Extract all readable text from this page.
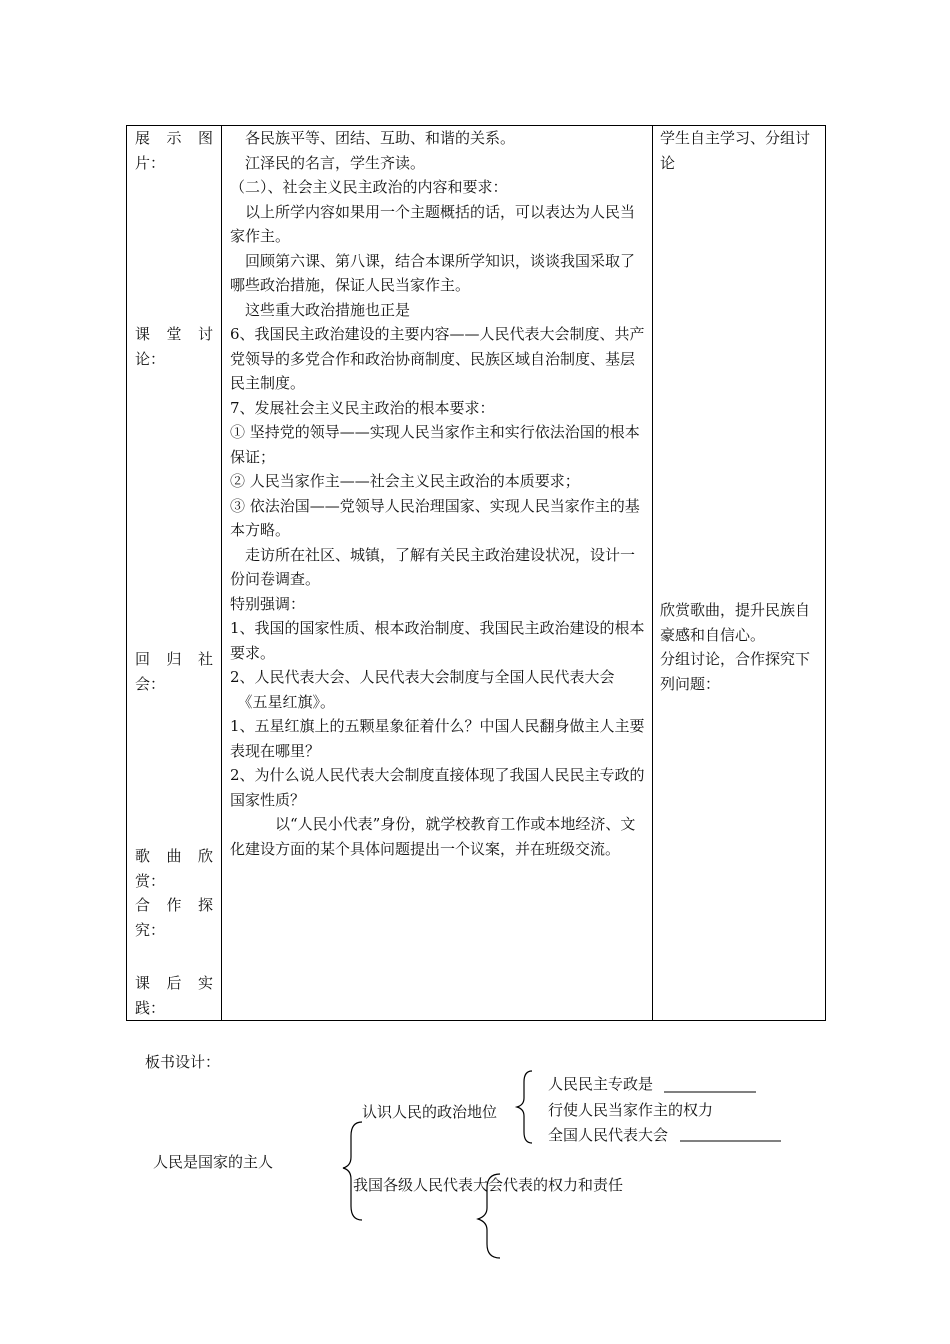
展 示 图
片：
课 堂 讨
论：
回 归 社
会：
歌 曲 欣
赏：
合 作 探
究：
课 后 实
践：
　各民族平等、团结、互助、和谐的关系。
　江泽民的名言，学生齐读。
（二）、社会主义民主政治的内容和要求：
　以上所学内容如果用一个主题概括的话，可以表达为人民当家作主。
　回顾第六课、第八课，结合本课所学知识，谈谈我国采取了哪些政治措施，保证人民当家作主。
　这些重大政治措施也正是
6、我国民主政治建设的主要内容——人民代表大会制度、共产党领导的多党合作和政治协商制度、民族区域自治制度、基层民主制度。
7、发展社会主义民主政治的根本要求：
① 坚持党的领导——实现人民当家作主和实行依法治国的根本保证；
② 人民当家作主——社会主义民主政治的本质要求；
③ 依法治国——党领导人民治理国家、实现人民当家作主的基本方略。
　走访所在社区、城镇，了解有关民主政治建设状况，设计一份问卷调查。
特别强调：
1、我国的国家性质、根本政治制度、我国民主政治建设的根本要求。
2、人民代表大会、人民代表大会制度与全国人民代表大会
　《五星红旗》。
1、五星红旗上的五颗星象征着什么？中国人民翻身做主人主要表现在哪里？
2、为什么说人民代表大会制度直接体现了我国人民民主专政的国家性质？
　　　以“人民小代表”身份，就学校教育工作或本地经济、文化建设方面的某个具体问题提出一个议案，并在班级交流。
学生自主学习、分组讨论
欣赏歌曲，提升民族自豪感和自信心。
分组讨论，合作探究下列问题：
板书设计：
人民是国家的主人
认识人民的政治地位
人民民主专政是
行使人民当家作主的权力
全国人民代表大会
我国各级人民代表大会代表的权力和责任
